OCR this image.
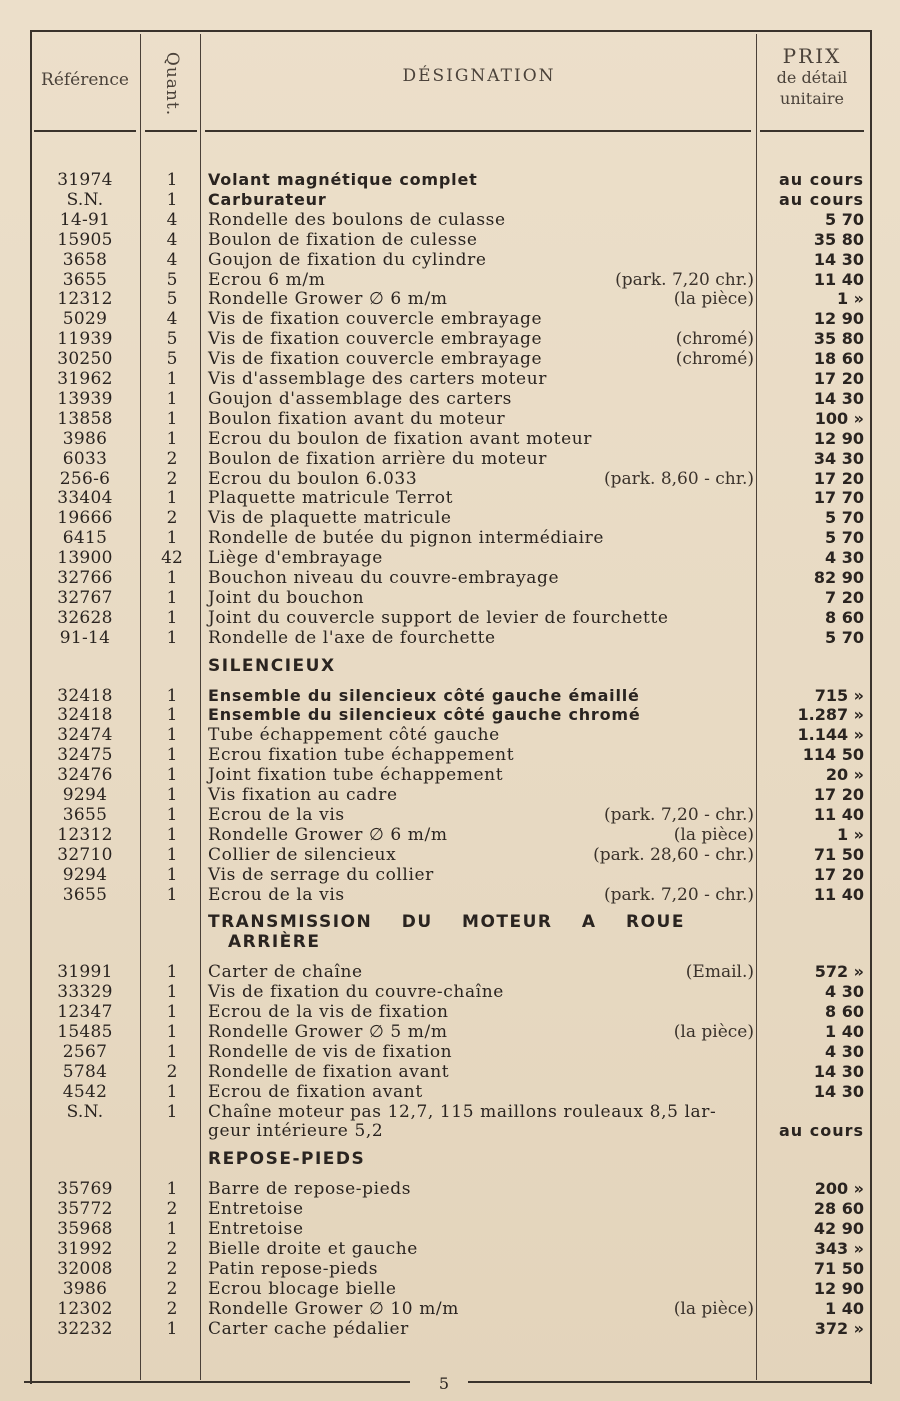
Référence	Quant.	DÉSIGNATION
PRIX
de détail
unitaire
31974	1	Volant magnétique complet	au cours
S.N.	1	Carburateur	au cours
14-91	4	Rondelle des boulons de culasse	5 70
15905	4	Boulon de fixation de culesse	35 80
3658	4	Goujon de fixation du cylindre	14 30
3655	5	Ecrou 6 m/m	(park. 7,20 chr.)	11 40
12312	5	Rondelle Grower ∅ 6 m/m	(la pièce)	1 »
5029	4	Vis de fixation couvercle embrayage	12 90
11939	5	Vis de fixation couvercle embrayage	(chromé)	35 80
30250	5	Vis de fixation couvercle embrayage	(chromé)	18 60
31962	1	Vis d'assemblage des carters moteur	17 20
13939	1	Goujon d'assemblage des carters	14 30
13858	1	Boulon fixation avant du moteur	100 »
3986	1	Ecrou du boulon de fixation avant moteur	12 90
6033	2	Boulon de fixation arrière du moteur	34 30
256-6	2	Ecrou du boulon 6.033	(park. 8,60 - chr.)	17 20
33404	1	Plaquette matricule Terrot	17 70
19666	2	Vis de plaquette matricule	5 70
6415	1	Rondelle de butée du pignon intermédiaire	5 70
13900	42	Liège d'embrayage	4 30
32766	1	Bouchon niveau du couvre-embrayage	82 90
32767	1	Joint du bouchon	7 20
32628	1	Joint du couvercle support de levier de fourchette	8 60
91-14	1	Rondelle de l'axe de fourchette	5 70
SILENCIEUX
32418	1	Ensemble du silencieux côté gauche émaillé	715 »
32418	1	Ensemble du silencieux côté gauche chromé	1.287 »
32474	1	Tube échappement côté gauche	1.144 »
32475	1	Ecrou fixation tube échappement	114 50
32476	1	Joint fixation tube échappement	20 »
9294	1	Vis fixation au cadre	17 20
3655	1	Ecrou de la vis	(park. 7,20 - chr.)	11 40
12312	1	Rondelle Grower ∅ 6 m/m	(la pièce)	1 »
32710	1	Collier de silencieux	(park. 28,60 - chr.)	71 50
9294	1	Vis de serrage du collier	17 20
3655	1	Ecrou de la vis	(park. 7,20 - chr.)	11 40
TRANSMISSION DU MOTEUR A ROUE
ARRIÈRE
31991	1	Carter de chaîne	(Email.)	572 »
33329	1	Vis de fixation du couvre-chaîne	4 30
12347	1	Ecrou de la vis de fixation	8 60
15485	1	Rondelle Grower ∅ 5 m/m	(la pièce)	1 40
2567	1	Rondelle de vis de fixation	4 30
5784	2	Rondelle de fixation avant	14 30
4542	1	Ecrou de fixation avant	14 30
S.N.	1	Chaîne moteur pas 12,7, 115 maillons rouleaux 8,5 lar-
geur intérieure 5,2	au cours
REPOSE-PIEDS
35769	1	Barre de repose-pieds	200 »
35772	2	Entretoise	28 60
35968	1	Entretoise	42 90
31992	2	Bielle droite et gauche	343 »
32008	2	Patin repose-pieds	71 50
3986	2	Ecrou blocage bielle	12 90
12302	2	Rondelle Grower ∅ 10 m/m	(la pièce)	1 40
32232	1	Carter cache pédalier	372 »
5
